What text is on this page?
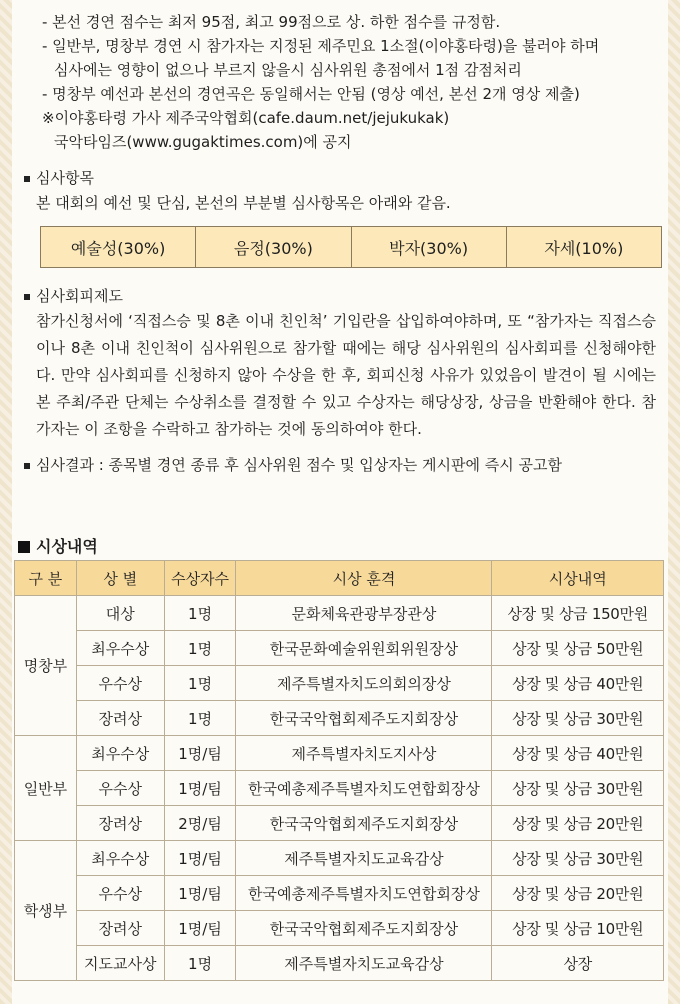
- 본선 경연 점수는 최저 95점, 최고 99점으로 상. 하한 점수를 규정함.
- 일반부, 명창부 경연 시 참가자는 지정된 제주민요 1소절(이야홍타령)을 불러야 하며
심사에는 영향이 없으나 부르지 않을시 심사위원 총점에서 1점 감점처리
- 명창부 예선과 본선의 경연곡은 동일해서는 안됨 (영상 예선, 본선 2개 영상 제출)
※이야홍타령 가사 제주국악협회(cafe.daum.net/jejukukak)
국악타임즈(www.gugaktimes.com)에 공지
심사항목
본 대회의 예선 및 단심, 본선의 부분별 심사항목은 아래와 같음.
예술성(30%)	음정(30%)	박자(30%)	자세(10%)
심사회피제도
참가신청서에 ‘직접스승 및 8촌 이내 친인척’ 기입란을 삽입하여야하며, 또 “참가자는 직접스승이나 8촌 이내 친인척이 심사위원으로 참가할 때에는 해당 심사위원의 심사회피를 신청해야한다. 만약 심사회피를 신청하지 않아 수상을 한 후, 회피신청 사유가 있었음이 발견이 될 시에는 본 주최/주관 단체는 수상취소를 결정할 수 있고 수상자는 해당상장, 상금을 반환해야 한다. 참가자는 이 조항을 수락하고 참가하는 것에 동의하여야 한다.
심사결과 : 종목별 경연 종류 후 심사위원 점수 및 입상자는 게시판에 즉시 공고함
시상내역
구 분	상 별	수상자수	시상 훈격	시상내역
명창부	대상	1명	문화체육관광부장관상	상장 및 상금 150만원
	최우수상	1명	한국문화예술위원회위원장상	상장 및 상금 50만원
	우수상	1명	제주특별자치도의회의장상	상장 및 상금 40만원
	장려상	1명	한국국악협회제주도지회장상	상장 및 상금 30만원
일반부	최우수상	1명/팀	제주특별자치도지사상	상장 및 상금 40만원
	우수상	1명/팀	한국예총제주특별자치도연합회장상	상장 및 상금 30만원
	장려상	2명/팀	한국국악협회제주도지회장상	상장 및 상금 20만원
학생부	최우수상	1명/팀	제주특별자치도교육감상	상장 및 상금 30만원
	우수상	1명/팀	한국예총제주특별자치도연합회장상	상장 및 상금 20만원
	장려상	1명/팀	한국국악협회제주도지회장상	상장 및 상금 10만원
	지도교사상	1명	제주특별자치도교육감상	상장
